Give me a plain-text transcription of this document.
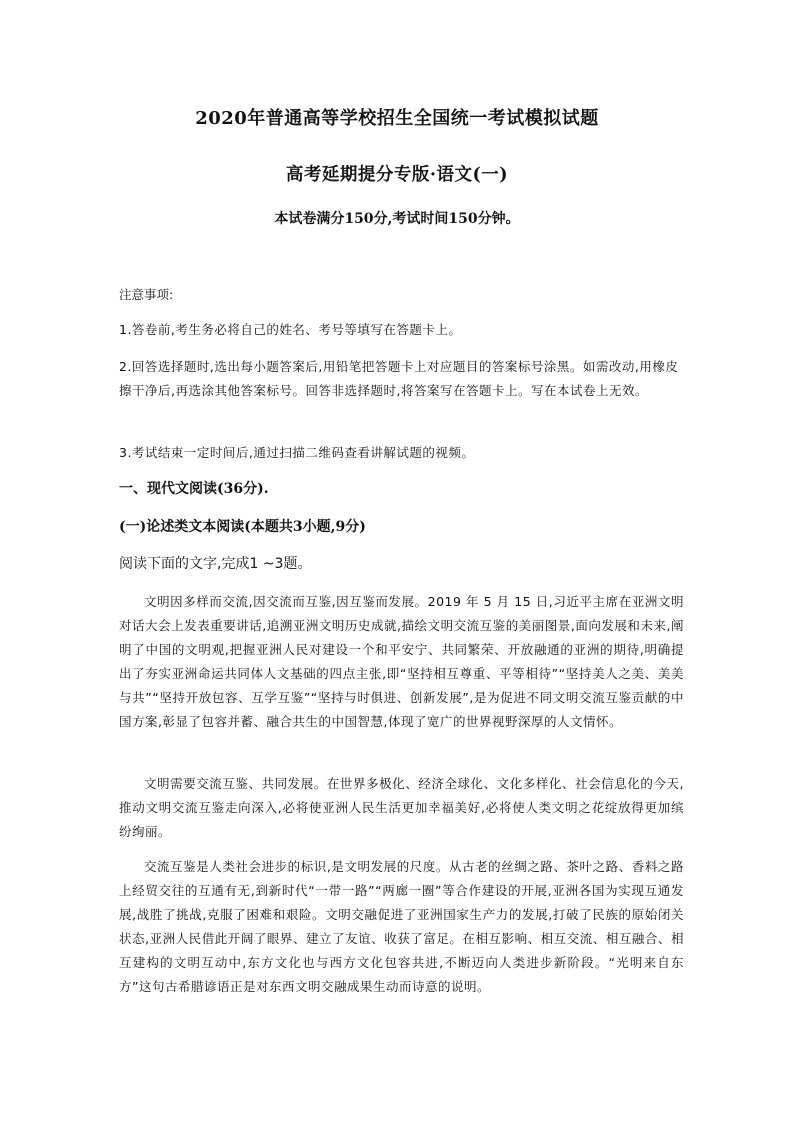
2020年普通高等学校招生全国统一考试模拟试题
高考延期提分专版·语文(一)
本试卷满分150分,考试时间150分钟。
注意事项:
1.答卷前,考生务必将自己的姓名、考号等填写在答题卡上。
2.回答选择题时,选出每小题答案后,用铅笔把答题卡上对应题目的答案标号涂黑。如需改动,用橡皮擦干净后,再选涂其他答案标号。回答非选择题时,将答案写在答题卡上。写在本试卷上无效。
3.考试结束一定时间后,通过扫描二维码查看讲解试题的视频。
一、现代文阅读(36分).
(一)论述类文本阅读(本题共3小题,9分)
阅读下面的文字,完成1 ~3题。
文明因多样而交流,因交流而互鉴,因互鉴而发展。2019 年 5 月 15 日,习近平主席在亚洲文明对话大会上发表重要讲话,追溯亚洲文明历史成就,描绘文明交流互鉴的美丽图景,面向发展和未来,阐明了中国的文明观,把握亚洲人民对建设一个和平安宁、共同繁荣、开放融通的亚洲的期待,明确提出了夯实亚洲命运共同体人文基础的四点主张,即“坚持相互尊重、平等相待”“坚持美人之美、美美与共”“坚持开放包容、互学互鉴”“坚持与时俱进、创新发展”,是为促进不同文明交流互鉴贡献的中国方案,彰显了包容并蓄、融合共生的中国智慧,体现了宽广的世界视野深厚的人文情怀。
文明需要交流互鉴、共同发展。在世界多极化、经济全球化、文化多样化、社会信息化的今天,推动文明交流互鉴走向深入,必将使亚洲人民生活更加幸福美好,必将使人类文明之花绽放得更加缤纷绚丽。
交流互鉴是人类社会进步的标识,是文明发展的尺度。从古老的丝绸之路、茶叶之路、香料之路上经贸交往的互通有无,到新时代“一带一路”“两廊一圈”等合作建设的开展,亚洲各国为实现互通发展,战胜了挑战,克服了困难和艰险。文明交融促进了亚洲国家生产力的发展,打破了民族的原始闭关状态,亚洲人民借此开阔了眼界、建立了友谊、收获了富足。在相互影响、相互交流、相互融合、相互建构的文明互动中,东方文化也与西方文化包容共进,不断迈向人类进步新阶段。“光明来自东方”这句古希腊谚语正是对东西文明交融成果生动而诗意的说明。
